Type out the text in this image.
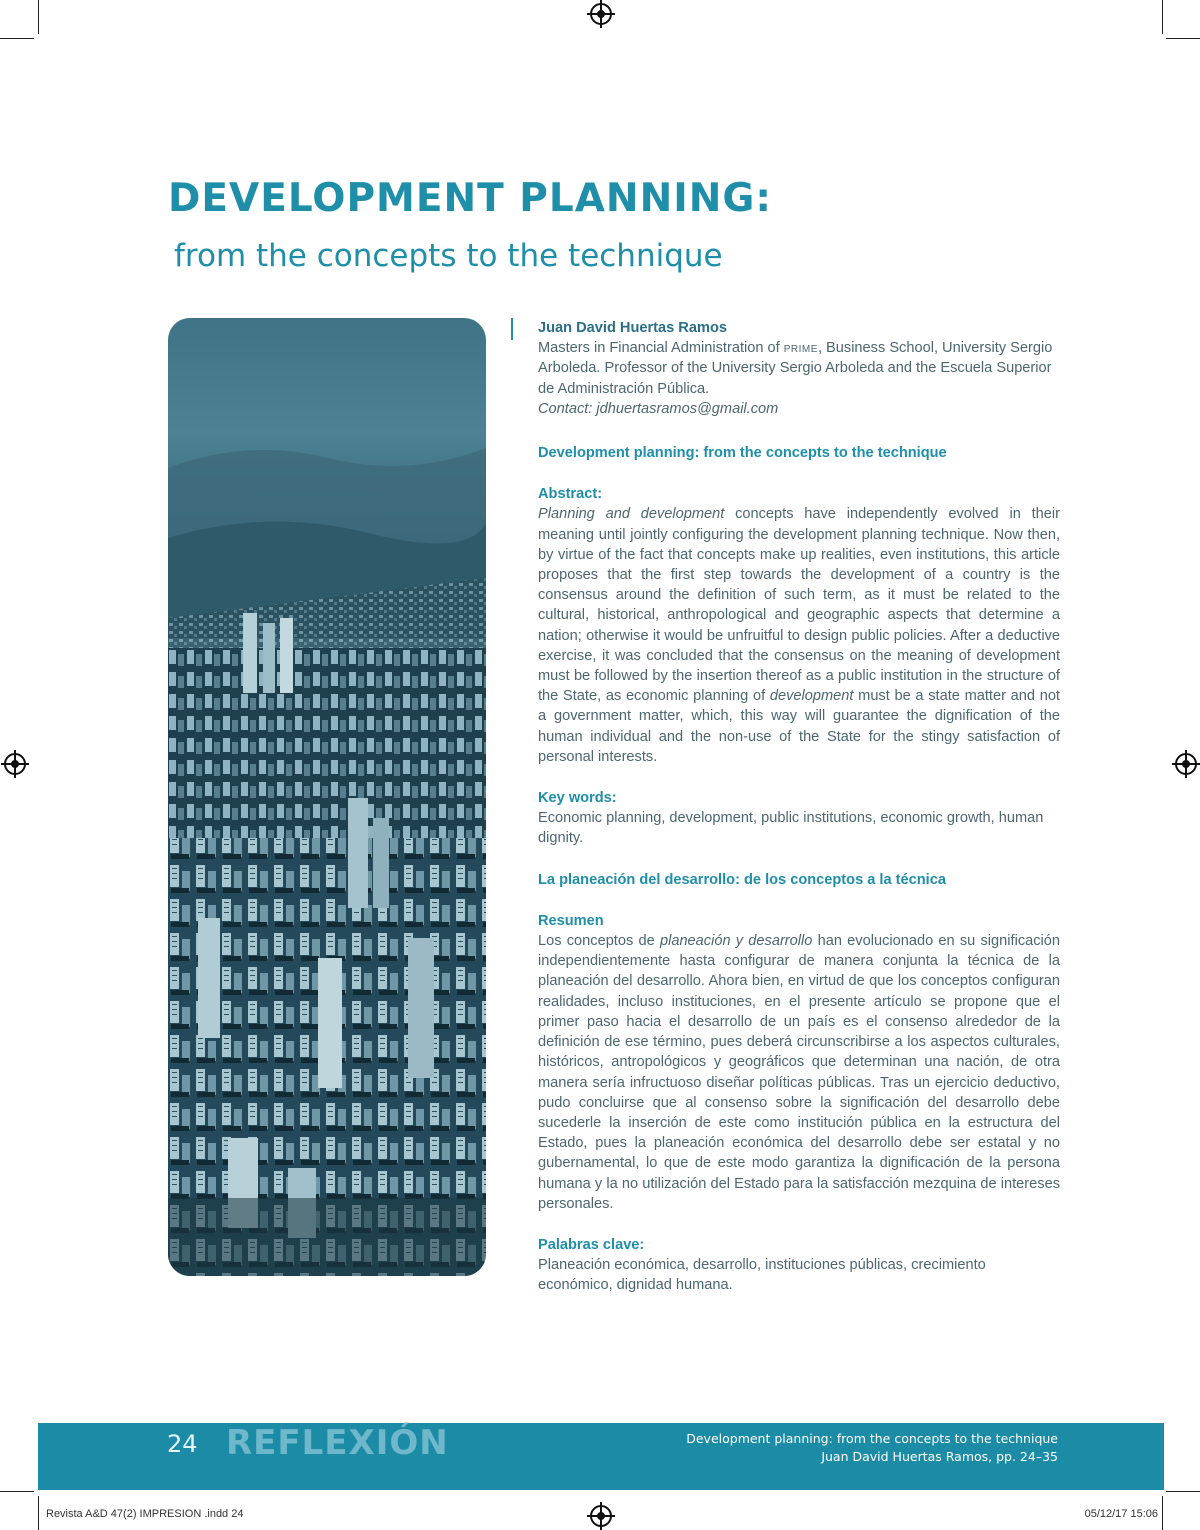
DEVELOPMENT PLANNING:
from the concepts to the technique

Juan David Huertas Ramos

Masters in Financial Administration of prime, Business School, University Sergio Arboleda. Professor of the University Sergio Arboleda and the Escuela Superior de Administración Pública.

Contact: jdhuertasramos@gmail.com

Development planning: from the concepts to the technique

Abstract:

Planning and development concepts have independently evolved in their meaning until jointly configuring the development planning technique. Now then, by virtue of the fact that concepts make up realities, even institutions, this article proposes that the first step towards the development of a country is the consensus around the definition of such term, as it must be related to the cultural, historical, anthropological and geographic aspects that determine a nation; otherwise it would be unfruitful to design public policies. After a deductive exercise, it was concluded that the consensus on the meaning of development must be followed by the insertion thereof as a public institution in the structure of the State, as economic planning of development must be a state matter and not a government matter, which, this way will guarantee the dignification of the human individual and the non-use of the State for the stingy satisfaction of personal interests.

Key words:

Economic planning, development, public institutions, economic growth, human dignity.

La planeación del desarrollo: de los conceptos a la técnica

Resumen

Los conceptos de planeación y desarrollo han evolucionado en su significación independientemente hasta configurar de manera conjunta la técnica de la planeación del desarrollo. Ahora bien, en virtud de que los conceptos configuran realidades, incluso instituciones, en el presente artículo se propone que el primer paso hacia el desarrollo de un país es el consenso alrededor de la definición de ese término, pues deberá circunscribirse a los aspectos culturales, históricos, antropológicos y geográficos que determinan una nación, de otra manera sería infructuoso diseñar políticas públicas. Tras un ejercicio deductivo, pudo concluirse que al consenso sobre la significación del desarrollo debe sucederle la inserción de este como institución pública en la estructura del Estado, pues la planeación económica del desarrollo debe ser estatal y no gubernamental, lo que de este modo garantiza la dignificación de la persona humana y la no utilización del Estado para la satisfacción mezquina de intereses personales.

Palabras clave:

Planeación económica, desarrollo, instituciones públicas, crecimiento económico, dignidad humana.

24 REFLEXIÓN	Development planning: from the concepts to the technique
Juan David Huertas Ramos, pp. 24–35
Revista A&D 47(2) IMPRESION .indd 24	05/12/17 15:06
